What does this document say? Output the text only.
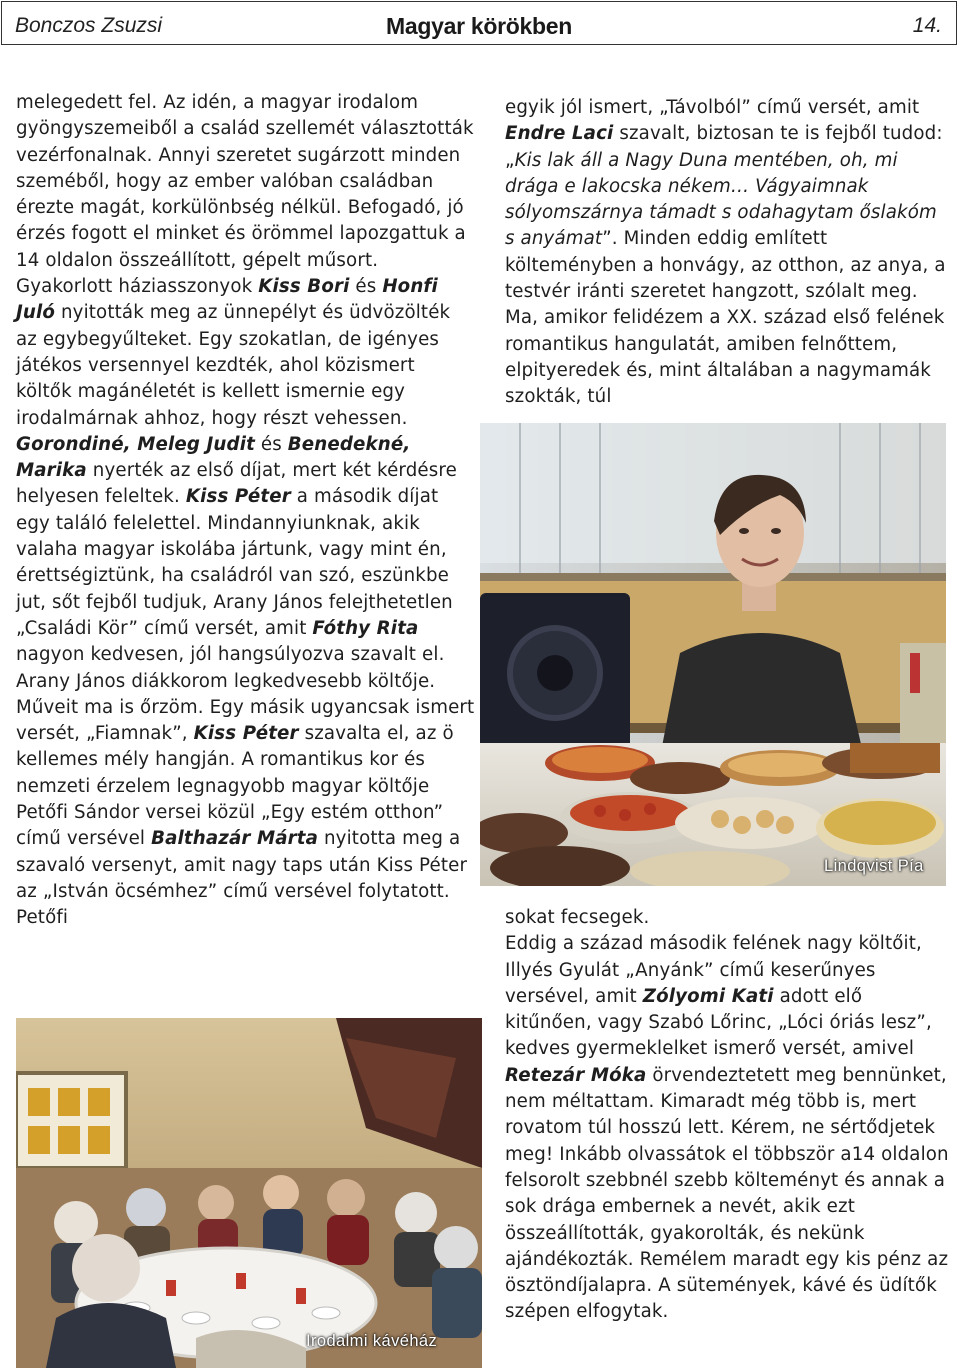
Bonczos Zsuzsi	Magyar körökben	14.

melegedett fel. Az idén, a magyar irodalom gyöngyszemeiből a család szellemét választották vezérfonalnak. Annyi szeretet sugárzott minden szeméből, hogy az ember valóban családban érezte magát, korkülönbség nélkül. Befogadó, jó érzés fogott el minket és örömmel lapozgattuk a 14 oldalon összeállított, gépelt műsort. Gyakorlott háziasszonyok Kiss Bori és Honfi Juló nyitották meg az ünnepélyt és üdvözölték az egybegyűlteket. Egy szokatlan, de igényes játékos versennyel kezdték, ahol közismert költők magánéletét is kellett ismernie egy irodalmárnak ahhoz, hogy részt vehessen. Gorondiné, Meleg Judit és Benedekné, Marika nyerték az első díjat, mert két kérdésre helyesen feleltek. Kiss Péter a második díjat egy találó felelettel. Mindannyiunknak, akik valaha magyar iskolába jártunk, vagy mint én, érettségiztünk, ha családról van szó, eszünkbe jut, sőt fejből tudjuk, Arany János felejthetetlen „Családi Kör” című versét, amit Fóthy Rita nagyon kedvesen, jól hangsúlyozva szavalt el. Arany János diákkorom legkedvesebb költője. Műveit ma is őrzöm. Egy másik ugyancsak ismert versét, „Fiamnak”, Kiss Péter szavalta el, az ö kellemes mély hangján. A romantikus kor és nemzeti érzelem legnagyobb magyar költője Petőfi Sándor versei közül „Egy estém otthon” című versével Balthazár Márta nyitotta meg a szavaló versenyt, amit nagy taps után Kiss Péter az „István öcsémhez” című versével folytatott. Petőfi

egyik jól ismert, „Távolból” című versét, amit Endre Laci szavalt, biztosan te is fejből tudod: „Kis lak áll a Nagy Duna mentében, oh, mi drága e lakocska nékem… Vágyaimnak sólyomszárnya támadt s odahagytam őslakóm s anyámat”. Minden eddig említett költeményben a honvágy, az otthon, az anya, a testvér iránti szeretet hangzott, szólalt meg. Ma, amikor felidézem a XX. század első felének romantikus hangulatát, amiben felnőttem, elpityeredek és, mint általában a nagymamák szokták, túl

Lindqvist Pía

sokat fecsegek.

Eddig a század második felének nagy költőit, Illyés Gyulát „Anyánk” című keserűnyes versével, amit Zólyomi Kati adott elő kitűnően, vagy Szabó Lőrinc, „Lóci óriás lesz”, kedves gyermeklelket ismerő versét, amivel Retezár Móka örvendeztetett meg bennünket, nem méltattam. Kimaradt még több is, mert rovatom túl hosszú lett. Kérem, ne sértődjetek meg! Inkább olvassátok el többször a14 oldalon felsorolt szebbnél szebb költeményt és annak a sok drága embernek a nevét, akik ezt összeállították, gyakorolták, és nekünk ajándékozták. Remélem maradt egy kis pénz az ösztöndíjalapra. A sütemények, kávé és üdítők szépen elfogytak.

Irodalmi kávéház
